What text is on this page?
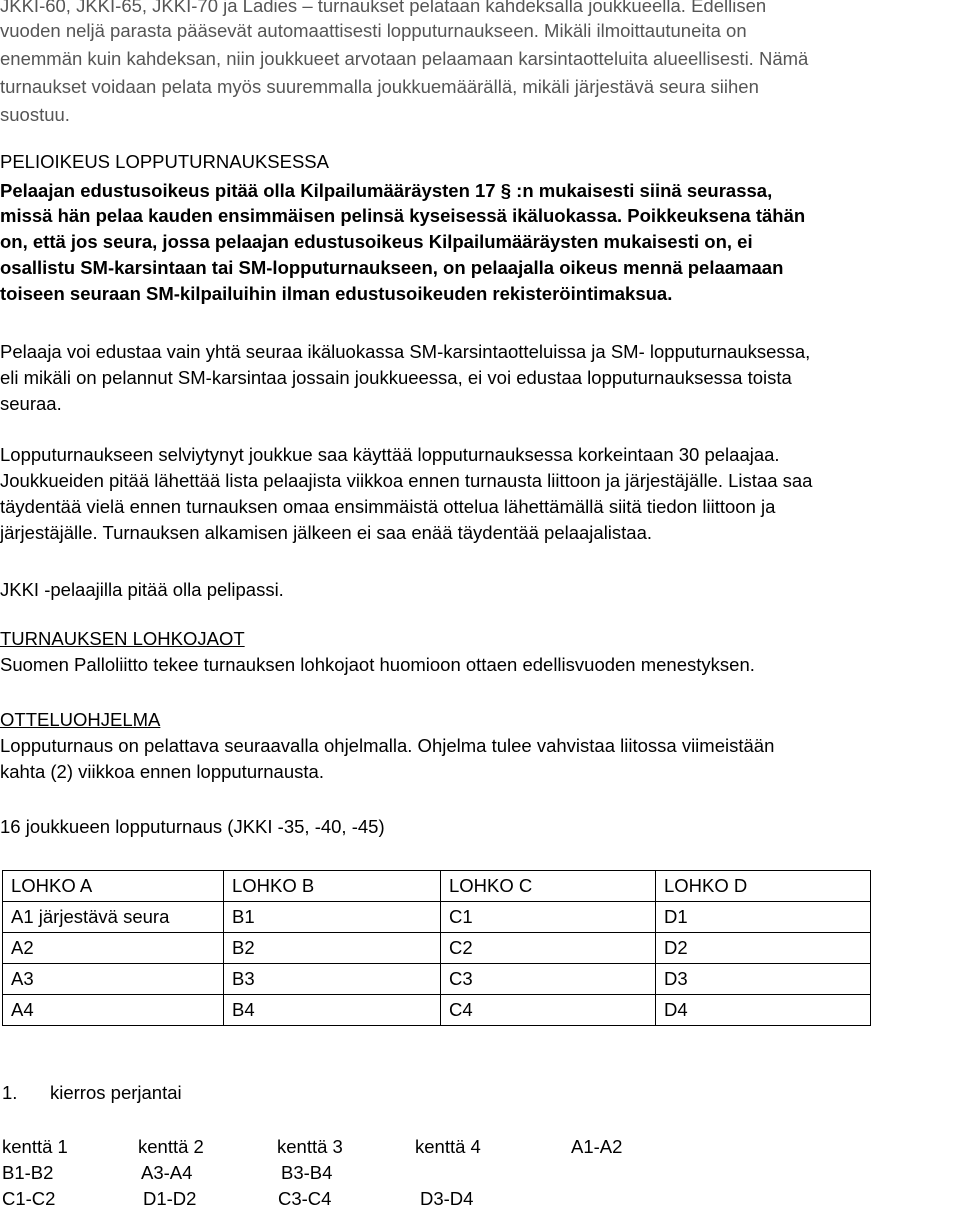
JKKI-60, JKKI-65, JKKI-70 ja Ladies – turnaukset pelataan kahdeksalla joukkueella. Edellisen
vuoden neljä parasta pääsevät automaattisesti lopputurnaukseen. Mikäli ilmoittautuneita on
enemmän kuin kahdeksan, niin joukkueet arvotaan pelaamaan karsintaotteluita alueellisesti. Nämä
turnaukset voidaan pelata myös suuremmalla joukkuemäärällä, mikäli järjestävä seura siihen
suostuu.
PELIOIKEUS LOPPUTURNAUKSESSA
Pelaajan edustusoikeus pitää olla Kilpailumääräysten 17 § :n mukaisesti siinä seurassa,
missä hän pelaa kauden ensimmäisen pelinsä kyseisessä ikäluokassa. Poikkeuksena tähän
on, että jos seura, jossa pelaajan edustusoikeus Kilpailumääräysten mukaisesti on, ei
osallistu SM-karsintaan tai SM-lopputurnaukseen, on pelaajalla oikeus mennä pelaamaan
toiseen seuraan SM-kilpailuihin ilman edustusoikeuden rekisteröintimaksua.
Pelaaja voi edustaa vain yhtä seuraa ikäluokassa SM-karsintaotteluissa ja SM- lopputurnauksessa,
eli mikäli on pelannut SM-karsintaa jossain joukkueessa, ei voi edustaa lopputurnauksessa toista
seuraa.
Lopputurnaukseen selviytynyt joukkue saa käyttää lopputurnauksessa korkeintaan 30 pelaajaa.
Joukkueiden pitää lähettää lista pelaajista viikkoa ennen turnausta liittoon ja järjestäjälle. Listaa saa
täydentää vielä ennen turnauksen omaa ensimmäistä ottelua lähettämällä siitä tiedon liittoon ja
järjestäjälle. Turnauksen alkamisen jälkeen ei saa enää täydentää pelaajalistaa.
JKKI -pelaajilla pitää olla pelipassi.
TURNAUKSEN LOHKOJAOT
Suomen Palloliitto tekee turnauksen lohkojaot huomioon ottaen edellisvuoden menestyksen.
OTTELUOHJELMA
Lopputurnaus on pelattava seuraavalla ohjelmalla. Ohjelma tulee vahvistaa liitossa viimeistään
kahta (2) viikkoa ennen lopputurnausta.
16 joukkueen lopputurnaus (JKKI -35, -40, -45)
LOHKO A	LOHKO B	LOHKO C	LOHKO D
A1 järjestävä seura	B1	C1	D1
A2	B2	C2	D2
A3	B3	C3	D3
A4	B4	C4	D4
1. kierros perjantai
kenttä 1	kenttä 2	kenttä 3	kenttä 4	A1-A2
B1-B2	A3-A4	B3-B4
C1-C2	D1-D2	C3-C4	D3-D4
